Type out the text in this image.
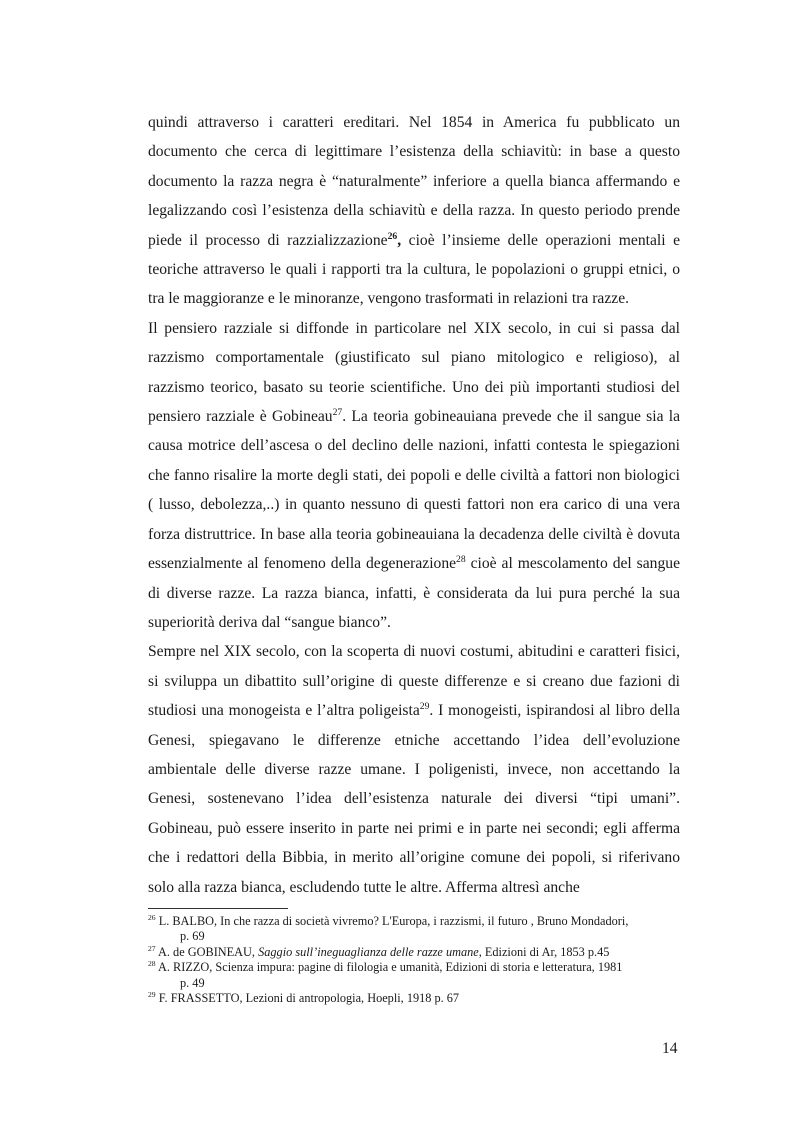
quindi attraverso i caratteri ereditari. Nel 1854 in America fu pubblicato un documento che cerca di legittimare l’esistenza della schiavitù: in base a questo documento la razza negra è “naturalmente” inferiore a quella bianca affermando e legalizzando così l’esistenza della schiavitù e della razza. In questo periodo prende piede il processo di razzializzazione$^{26}$, cioè l’insieme delle operazioni mentali e teoriche attraverso le quali i rapporti tra la cultura, le popolazioni o gruppi etnici, o tra le maggioranze e le minoranze, vengono trasformati in relazioni tra razze.

Il pensiero razziale si diffonde in particolare nel XIX secolo, in cui si passa dal razzismo comportamentale (giustificato sul piano mitologico e religioso), al razzismo teorico, basato su teorie scientifiche. Uno dei più importanti studiosi del pensiero razziale è Gobineau$^{27}$. La teoria gobineauiana prevede che il sangue sia la causa motrice dell’ascesa o del declino delle nazioni, infatti contesta le spiegazioni che fanno risalire la morte degli stati, dei popoli e delle civiltà a fattori non biologici ( lusso, debolezza,..) in quanto nessuno di questi fattori non era carico di una vera forza distruttrice. In base alla teoria gobineauiana la decadenza delle civiltà è dovuta essenzialmente al fenomeno della degenerazione$^{28}$ cioè al mescolamento del sangue di diverse razze. La razza bianca, infatti, è considerata da lui pura perché la sua superiorità deriva dal “sangue bianco”.

Sempre nel XIX secolo, con la scoperta di nuovi costumi, abitudini e caratteri fisici, si sviluppa un dibattito sull’origine di queste differenze e si creano due fazioni di studiosi una monogeista e l’altra poligeista$^{29}$. I monogeisti, ispirandosi al libro della Genesi, spiegavano le differenze etniche accettando l’idea dell’evoluzione ambientale delle diverse razze umane. I poligenisti, invece, non accettando la Genesi, sostenevano l’idea dell’esistenza naturale dei diversi “tipi umani”. Gobineau, può essere inserito in parte nei primi e in parte nei secondi; egli afferma che i redattori della Bibbia, in merito all’origine comune dei popoli, si riferivano solo alla razza bianca, escludendo tutte le altre. Afferma altresì anche

$^{26}$ L. BALBO, In che razza di società vivremo? L'Europa, i razzismi, il futuro , Bruno Mondadori,
p. 69

$^{27}$ A. de GOBINEAU, Saggio sull’ineguaglianza delle razze umane, Edizioni di Ar, 1853 p.45

$^{28}$ A. RIZZO, Scienza impura: pagine di filologia e umanità, Edizioni di storia e letteratura, 1981
p. 49

$^{29}$ F. FRASSETTO, Lezioni di antropologia, Hoepli, 1918 p. 67

14
